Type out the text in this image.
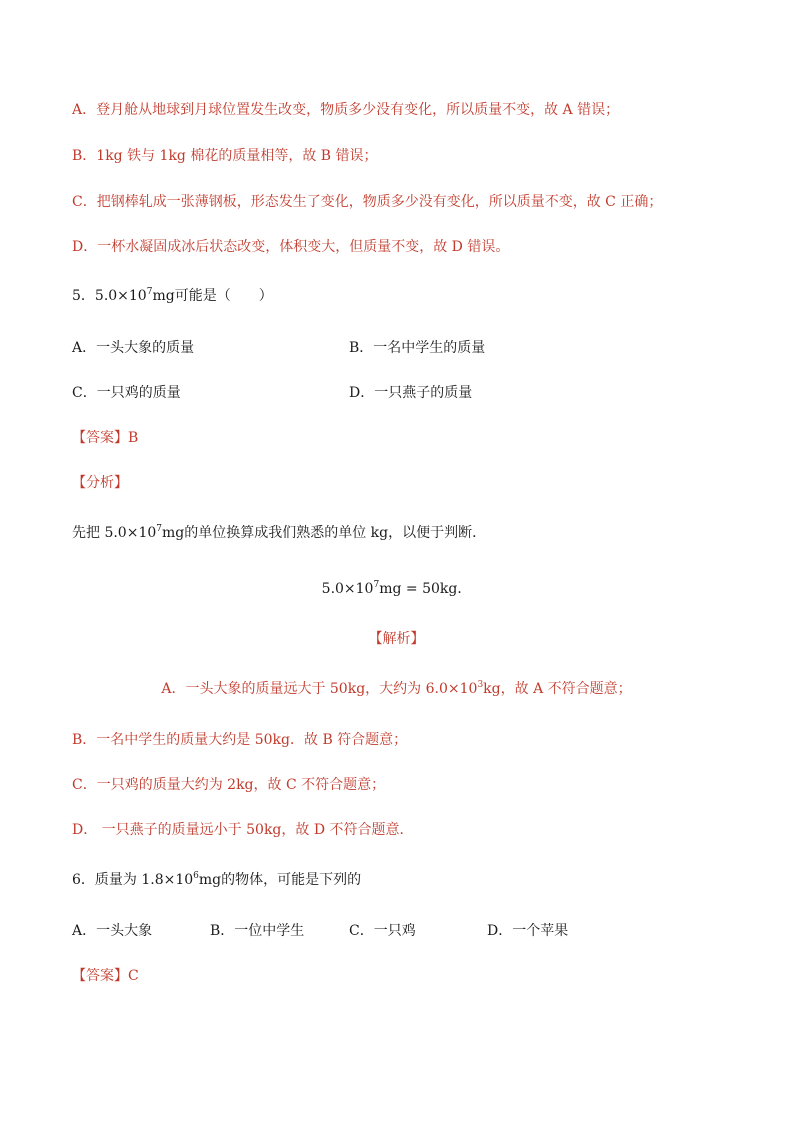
A．登月舱从地球到月球位置发生改变，物质多少没有变化，所以质量不变，故 A 错误；
B．1kg 铁与 1kg 棉花的质量相等，故 B 错误；
C．把钢棒轧成一张薄钢板，形态发生了变化，物质多少没有变化，所以质量不变，故 C 正确；
D．一杯水凝固成冰后状态改变，体积变大，但质量不变，故 D 错误。
5．$5.0\times 10^7mg$可能是（　　）
A．一头大象的质量	B．一名中学生的质量
C．一只鸡的质量	D．一只燕子的质量
【答案】B
【分析】
先把 $5.0\times 10^7mg$的单位换算成我们熟悉的单位 kg，以便于判断．
$5.0\times 10^7mg = 50kg$．
【解析】
A．一头大象的质量远大于 50kg，大约为 $6.0\times 10^3kg$，故 A 不符合题意；
B．一名中学生的质量大约是 50kg．故 B 符合题意；
C．一只鸡的质量大约为 2kg，故 C 不符合题意；
D． 一只燕子的质量远小于 50kg，故 D 不符合题意．
6．质量为 $1.8\times 10^6mg$的物体，可能是下列的
A．一头大象	B．一位中学生	C．一只鸡	D．一个苹果
【答案】C
